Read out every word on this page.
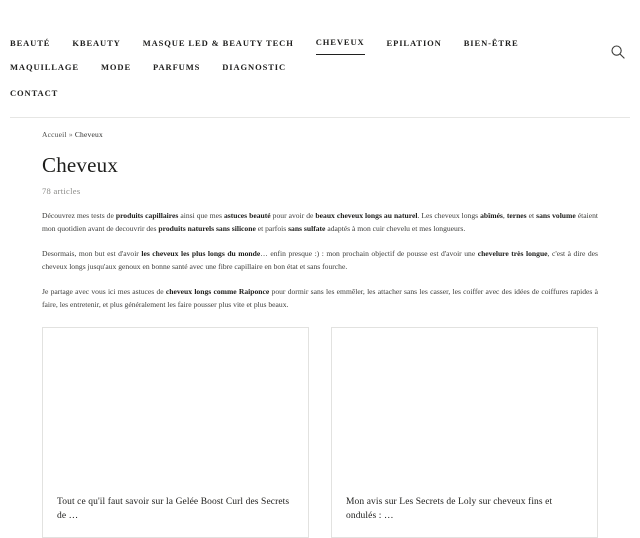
BEAUTÉ	KBEAUTY	MASQUE LED & BEAUTY TECH	CHEVEUX	EPILATION	BIEN-ÊTRE
MAQUILLAGE	MODE	PARFUMS	DIAGNOSTIC
CONTACT
Accueil » Cheveux
Cheveux
78 articles

Découvrez mes tests de produits capillaires ainsi que mes astuces beauté pour avoir de beaux cheveux longs au naturel. Les cheveux longs abîmés, ternes et sans volume étaient mon quotidien avant de decouvrir des produits naturels sans silicone et parfois sans sulfate adaptés à mon cuir chevelu et mes longueurs.

Desormais, mon but est d'avoir les cheveux les plus longs du monde… enfin presque :) : mon prochain objectif de pousse est d'avoir une chevelure très longue, c'est à dire des cheveux longs jusqu'aux genoux en bonne santé avec une fibre capillaire en bon état et sans fourche.

Je partage avec vous ici mes astuces de cheveux longs comme Raiponce pour dormir sans les emmêler, les attacher sans les casser, les coiffer avec des idées de coiffures rapides à faire, les entretenir, et plus généralement les faire pousser plus vite et plus beaux.

Tout ce qu'il faut savoir sur la Gelée Boost Curl des Secrets de …
Mon avis sur Les Secrets de Loly sur cheveux fins et ondulés : …
